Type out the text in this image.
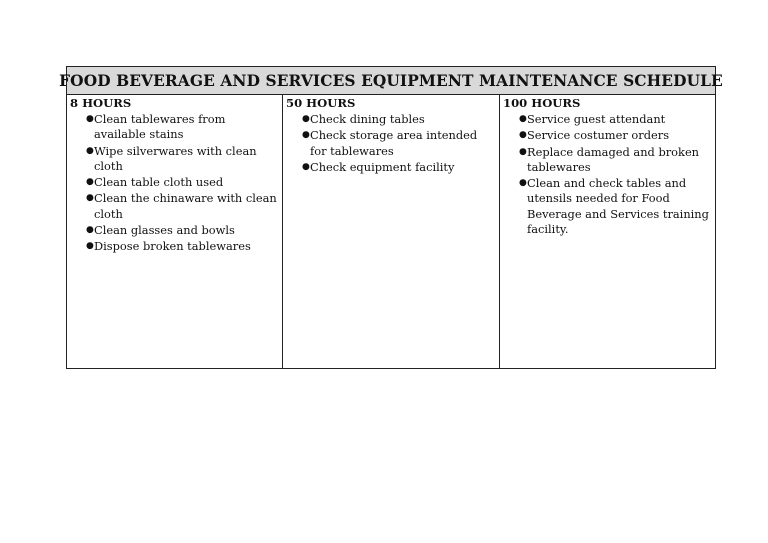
FOOD BEVERAGE AND SERVICES EQUIPMENT MAINTENANCE SCHEDULE
8 HOURS
● Clean tablewares from available stains
● Wipe silverwares with clean cloth
● Clean table cloth used
● Clean the chinaware with clean cloth
● Clean glasses and bowls
● Dispose broken tablewares
50 HOURS
● Check dining tables
● Check storage area intended for tablewares
● Check equipment facility
100 HOURS
● Service guest attendant
● Service costumer orders
● Replace damaged and broken tablewares
● Clean and check tables and utensils needed for Food Beverage and Services training facility.
